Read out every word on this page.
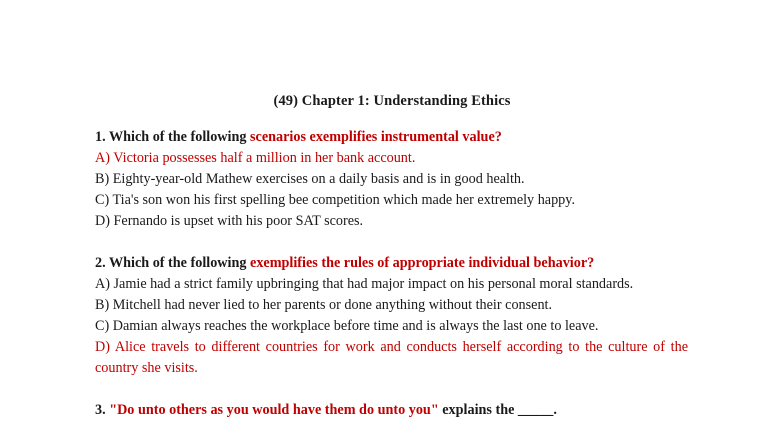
(49) Chapter 1: Understanding Ethics
1. Which of the following scenarios exemplifies instrumental value?
A) Victoria possesses half a million in her bank account.
B) Eighty-year-old Mathew exercises on a daily basis and is in good health.
C) Tia's son won his first spelling bee competition which made her extremely happy.
D) Fernando is upset with his poor SAT scores.
2. Which of the following exemplifies the rules of appropriate individual behavior?
A) Jamie had a strict family upbringing that had major impact on his personal moral standards.
B) Mitchell had never lied to her parents or done anything without their consent.
C) Damian always reaches the workplace before time and is always the last one to leave.
D) Alice travels to different countries for work and conducts herself according to the culture of the country she visits.
3. "Do unto others as you would have them do unto you" explains the _____.
